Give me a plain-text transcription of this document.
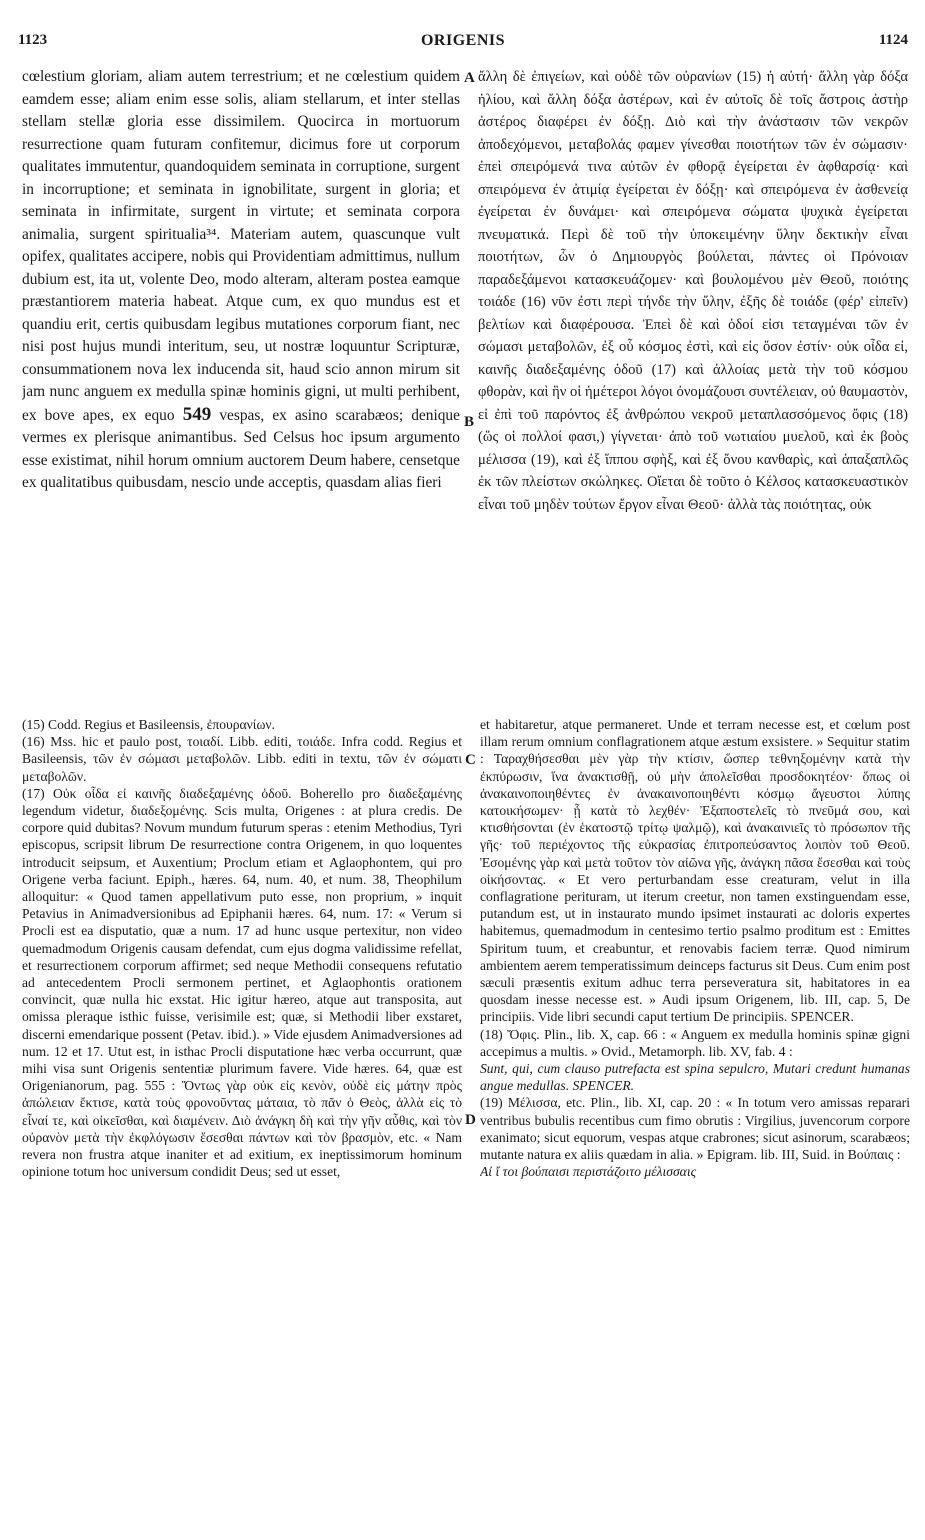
1123	ORIGENIS	1124

cœlestium gloriam, aliam autem terrestrium; et ne cœlestium quidem eamdem esse; aliam enim esse solis, aliam stellarum, et inter stellas stellam stellæ gloria esse dissimilem. Quocirca in mortuorum resurrectione quam futuram confitemur, dicimus fore ut corporum qualitates immutentur, quandoquidem seminata in corruptione, surgent in incorruptione; et seminata in ignobilitate, surgent in gloria; et seminata in infirmitate, surgent in virtute; et seminata corpora animalia, surgent spiritualia³⁴. Materiam autem, quascunque vult opifex, qualitates accipere, nobis qui Providentiam admittimus, nullum dubium est, ita ut, volente Deo, modo alteram, alteram postea eamque præstantiorem materia habeat. Atque cum, ex quo mundus est et quandiu erit, certis quibusdam legibus mutationes corporum fiant, nec nisi post hujus mundi interitum, seu, ut nostræ loquuntur Scripturæ, consummationem nova lex inducenda sit, haud scio annon mirum sit jam nunc anguem ex medulla spinæ hominis gigni, ut multi perhibent, ex bove apes, ex equo 549 vespas, ex asino scarabæos; denique vermes ex plerisque animantibus. Sed Celsus hoc ipsum argumento esse existimat, nihil horum omnium auctorem Deum habere, censetque ex qualitatibus quibusdam, nescio unde acceptis, quasdam alias fieri

A
B

ἄλλη δὲ ἐπιγείων, καὶ οὐδὲ τῶν οὐρανίων (15) ἡ αὐτή· ἄλλη γὰρ δόξα ἡλίου, καὶ ἄλλη δόξα ἀστέρων, καὶ ἐν αὐτοῖς δὲ τοῖς ἄστροις ἀστὴρ ἀστέρος διαφέρει ἐν δόξῃ. Διὸ καὶ τὴν ἀνάστασιν τῶν νεκρῶν ἀποδεχόμενοι, μεταβολάς φαμεν γίνεσθαι ποιοτήτων τῶν ἐν σώμασιν· ἐπεὶ σπειρόμενά τινα αὐτῶν ἐν φθορᾷ ἐγείρεται ἐν ἀφθαρσίᾳ· καὶ σπειρόμενα ἐν ἀτιμίᾳ ἐγείρεται ἐν δόξῃ· καὶ σπειρόμενα ἐν ἀσθενείᾳ ἐγείρεται ἐν δυνάμει· καὶ σπειρόμενα σώματα ψυχικὰ ἐγείρεται πνευματικά. Περὶ δὲ τοῦ τὴν ὑποκειμένην ὕλην δεκτικὴν εἶναι ποιοτήτων, ὧν ὁ Δημιουργὸς βούλεται, πάντες οἱ Πρόνοιαν παραδεξάμενοι κατασκευάζομεν· καὶ βουλομένου μὲν Θεοῦ, ποιότης τοιάδε (16) νῦν ἐστι περὶ τήνδε τὴν ὕλην, ἐξῆς δὲ τοιάδε (φέρ' εἰπεῖν) βελτίων καὶ διαφέρουσα. Ἐπεὶ δὲ καὶ ὁδοί εἰσι τεταγμέναι τῶν ἐν σώμασι μεταβολῶν, ἐξ οὗ κόσμος ἐστὶ, καὶ εἰς ὅσον ἐστίν· οὐκ οἶδα εἰ, καινῆς διαδεξαμένης ὁδοῦ (17) καὶ ἀλλοίας μετὰ τὴν τοῦ κόσμου φθορὰν, καὶ ἣν οἱ ἡμέτεροι λόγοι ὀνομάζουσι συντέλειαν, οὐ θαυμαστὸν, εἰ ἐπὶ τοῦ παρόντος ἐξ ἀνθρώπου νεκροῦ μεταπλασσόμενος ὄφις (18) (ὥς οἱ πολλοί φασι,) γίγνεται· ἀπὸ τοῦ νωτιαίου μυελοῦ, καὶ ἐκ βοὸς μέλισσα (19), καὶ ἐξ ἵππου σφὴξ, καὶ ἐξ ὄνου κανθαρὶς, καὶ ἁπαξαπλῶς ἐκ τῶν πλείστων σκώληκες. Οἴεται δὲ τοῦτο ὁ Κέλσος κατασκευαστικὸν εἶναι τοῦ μηδὲν τούτων ἔργον εἶναι Θεοῦ· ἀλλὰ τὰς ποιότητας, οὐκ

(15) Codd. Regius et Basileensis, ἐπουρανίων.

(16) Mss. hic et paulo post, τοιαδί. Libb. editi, τοιάδε. Infra codd. Regius et Basileensis, τῶν ἐν σώμασι μεταβολῶν. Libb. editi in textu, τῶν ἐν σώματι μεταβολῶν.

(17) Οὐκ οἶδα εἰ καινῆς διαδεξαμένης ὁδοῦ. Boherello pro διαδεξαμένης legendum videtur, διαδεξομένης. Scis multa, Origenes : at plura credis. De corpore quid dubitas? Novum mundum futurum speras : etenim Methodius, Tyri episcopus, scripsit librum De resurrectione contra Origenem, in quo loquentes introducit seipsum, et Auxentium; Proclum etiam et Aglaophontem, qui pro Origene verba faciunt. Epiph., hæres. 64, num. 40, et num. 38, Theophilum alloquitur: « Quod tamen appellativum puto esse, non proprium, » inquit Petavius in Animadversionibus ad Epiphanii hæres. 64, num. 17: « Verum si Procli est ea disputatio, quæ a num. 17 ad hunc usque pertexitur, non video quemadmodum Origenis causam defendat, cum ejus dogma validissime refellat, et resurrectionem corporum affirmet; sed neque Methodii consequens refutatio ad antecedentem Procli sermonem pertinet, et Aglaophontis orationem convincit, quæ nulla hic exstat. Hic igitur hæreo, atque aut transposita, aut omissa pleraque isthic fuisse, verisimile est; quæ, si Methodii liber exstaret, discerni emendarique possent (Petav. ibid.). » Vide ejusdem Animadversiones ad num. 12 et 17. Utut est, in isthac Procli disputatione hæc verba occurrunt, quæ mihi visa sunt Origenis sententiæ plurimum favere. Vide hæres. 64, quæ est Origenianorum, pag. 555 : Ὄντως γὰρ οὐκ εἰς κενὸν, οὐδὲ εἰς μάτην πρὸς ἀπώλειαν ἔκτισε, κατὰ τοὺς φρονοῦντας μάταια, τὸ πᾶν ὁ Θεὸς, ἀλλὰ εἰς τὸ εἶναί τε, καὶ οἰκεῖσθαι, καὶ διαμένειν. Διὸ ἀνάγκη δὴ καὶ τὴν γῆν αὖθις, καὶ τὸν οὐρανὸν μετὰ τὴν ἐκφλόγωσιν ἔσεσθαι πάντων καὶ τὸν βρασμὸν, etc. « Nam revera non frustra atque inaniter et ad exitium, ex ineptissimorum hominum opinione totum hoc universum condidit Deus; sed ut esset,

C
D

et habitaretur, atque permaneret. Unde et terram necesse est, et cœlum post illam rerum omnium conflagrationem atque æstum exsistere. » Sequitur statim : Ταραχθήσεσθαι μὲν γὰρ τὴν κτίσιν, ὥσπερ τεθνηξομένην κατὰ τὴν ἐκπύρωσιν, ἵνα ἀνακτισθῇ, οὐ μὴν ἀπολεῖσθαι προσδοκητέον· ὅπως οἱ ἀνακαινοποιηθέντες ἐν ἀνακαινοποιηθέντι κόσμῳ ἄγευστοι λύπης κατοικήσωμεν· ᾗ κατὰ τὸ λεχθέν· Ἐξαποστελεῖς τὸ πνεῦμά σου, καὶ κτισθήσονται (ἐν ἑκατοστῷ τρίτῳ ψαλμῷ), καὶ ἀνακαινιεῖς τὸ πρόσωπον τῆς γῆς· τοῦ περιέχοντος τῆς εὐκρασίας ἐπιτροπεύσαντος λοιπὸν τοῦ Θεοῦ. Ἐσομένης γὰρ καὶ μετὰ τοῦτον τὸν αἰῶνα γῆς, ἀνάγκη πᾶσα ἔσεσθαι καὶ τοὺς οἰκήσοντας. « Et vero perturbandam esse creaturam, velut in illa conflagratione perituram, ut iterum creetur, non tamen exstinguendam esse, putandum est, ut in instaurato mundo ipsimet instaurati ac doloris expertes habitemus, quemadmodum in centesimo tertio psalmo proditum est : Emittes Spiritum tuum, et creabuntur, et renovabis faciem terræ. Quod nimirum ambientem aerem temperatissimum deinceps facturus sit Deus. Cum enim post sæculi præsentis exitum adhuc terra perseveratura sit, habitatores in ea quosdam inesse necesse est. » Audi ipsum Origenem, lib. III, cap. 5, De principiis. Vide libri secundi caput tertium De principiis. SPENCER.

(18) Ὄφις. Plin., lib. X, cap. 66 : « Anguem ex medulla hominis spinæ gigni accepimus a multis. » Ovid., Metamorph. lib. XV, fab. 4 :

Sunt, qui, cum clauso putrefacta est spina sepulcro, Mutari credunt humanas angue medullas. SPENCER.

(19) Μέλισσα, etc. Plin., lib. XI, cap. 20 : « In totum vero amissas reparari ventribus bubulis recentibus cum fimo obrutis : Virgilius, juvencorum corpore exanimato; sicut equorum, vespas atque crabrones; sicut asinorum, scarabæos; mutante natura ex aliis quædam in alia. » Epigram. lib. III, Suid. in Βούπαις :

Αἰ ἴ τοι βούπαισι περιστάζοιτο μέλισσαις
